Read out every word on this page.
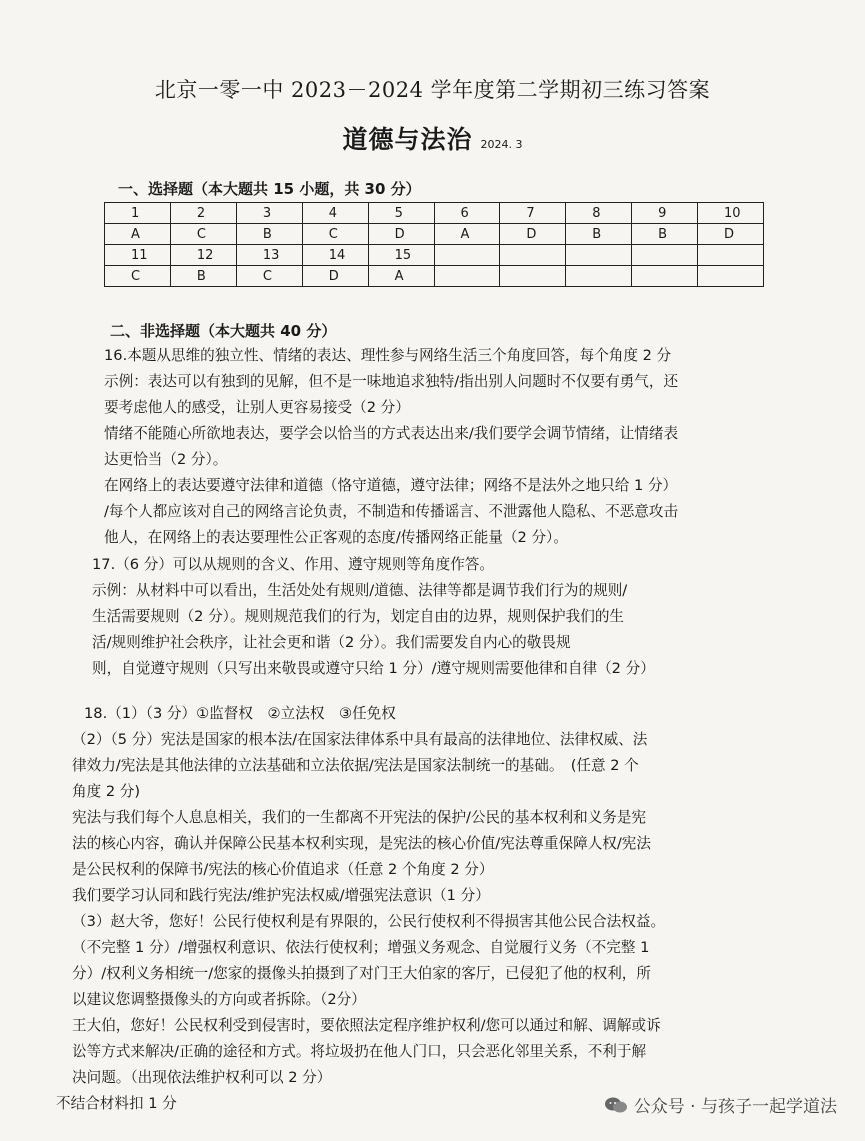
北京一零一中 2023－2024 学年度第二学期初三练习答案
道德与法治 2024. 3
一、选择题（本大题共 15 小题，共 30 分）
1	2	3	4	5	6	7	8	9	10
A	C	B	C	D	A	D	B	B	D
11	12	13	14	15					
C	B	C	D	A					
二、非选择题（本大题共 40 分）
16.本题从思维的独立性、情绪的表达、理性参与网络生活三个角度回答，每个角度 2 分
示例：表达可以有独到的见解，但不是一味地追求独特/指出别人问题时不仅要有勇气，还
要考虑他人的感受，让别人更容易接受（2 分）
情绪不能随心所欲地表达，要学会以恰当的方式表达出来/我们要学会调节情绪，让情绪表
达更恰当（2 分）。
在网络上的表达要遵守法律和道德（恪守道德，遵守法律；网络不是法外之地只给 1 分）
/每个人都应该对自己的网络言论负责，不制造和传播谣言、不泄露他人隐私、不恶意攻击
他人，在网络上的表达要理性公正客观的态度/传播网络正能量（2 分）。
17.（6 分）可以从规则的含义、作用、遵守规则等角度作答。
示例：从材料中可以看出，生活处处有规则/道德、法律等都是调节我们行为的规则/
生活需要规则（2 分）。规则规范我们的行为，划定自由的边界，规则保护我们的生
活/规则维护社会秩序，让社会更和谐（2 分）。我们需要发自内心的敬畏规
则，自觉遵守规则（只写出来敬畏或遵守只给 1 分）/遵守规则需要他律和自律（2 分）
18.（1）（3 分）①监督权　②立法权　③任免权
（2）（5 分）宪法是国家的根本法/在国家法律体系中具有最高的法律地位、法律权威、法
律效力/宪法是其他法律的立法基础和立法依据/宪法是国家法制统一的基础。　(任意 2 个
角度 2 分)
宪法与我们每个人息息相关，我们的一生都离不开宪法的保护/公民的基本权利和义务是宪
法的核心内容，确认并保障公民基本权利实现，是宪法的核心价值/宪法尊重保障人权/宪法
是公民权利的保障书/宪法的核心价值追求（任意 2 个角度 2 分）
我们要学习认同和践行宪法/维护宪法权威/增强宪法意识（1 分）
（3）赵大爷，您好！公民行使权利是有界限的，公民行使权利不得损害其他公民合法权益。
（不完整 1 分）/增强权利意识、依法行使权利；增强义务观念、自觉履行义务（不完整 1
分）/权利义务相统一/您家的摄像头拍摄到了对门王大伯家的客厅，已侵犯了他的权利，所
以建议您调整摄像头的方向或者拆除。（2分）
王大伯，您好！公民权利受到侵害时，要依照法定程序维护权利/您可以通过和解、调解或诉
讼等方式来解决/正确的途径和方式。将垃圾扔在他人门口，只会恶化邻里关系，不利于解
决问题。（出现依法维护权利可以 2 分）
不结合材料扣 1 分	公众号 · 与孩子一起学道法
